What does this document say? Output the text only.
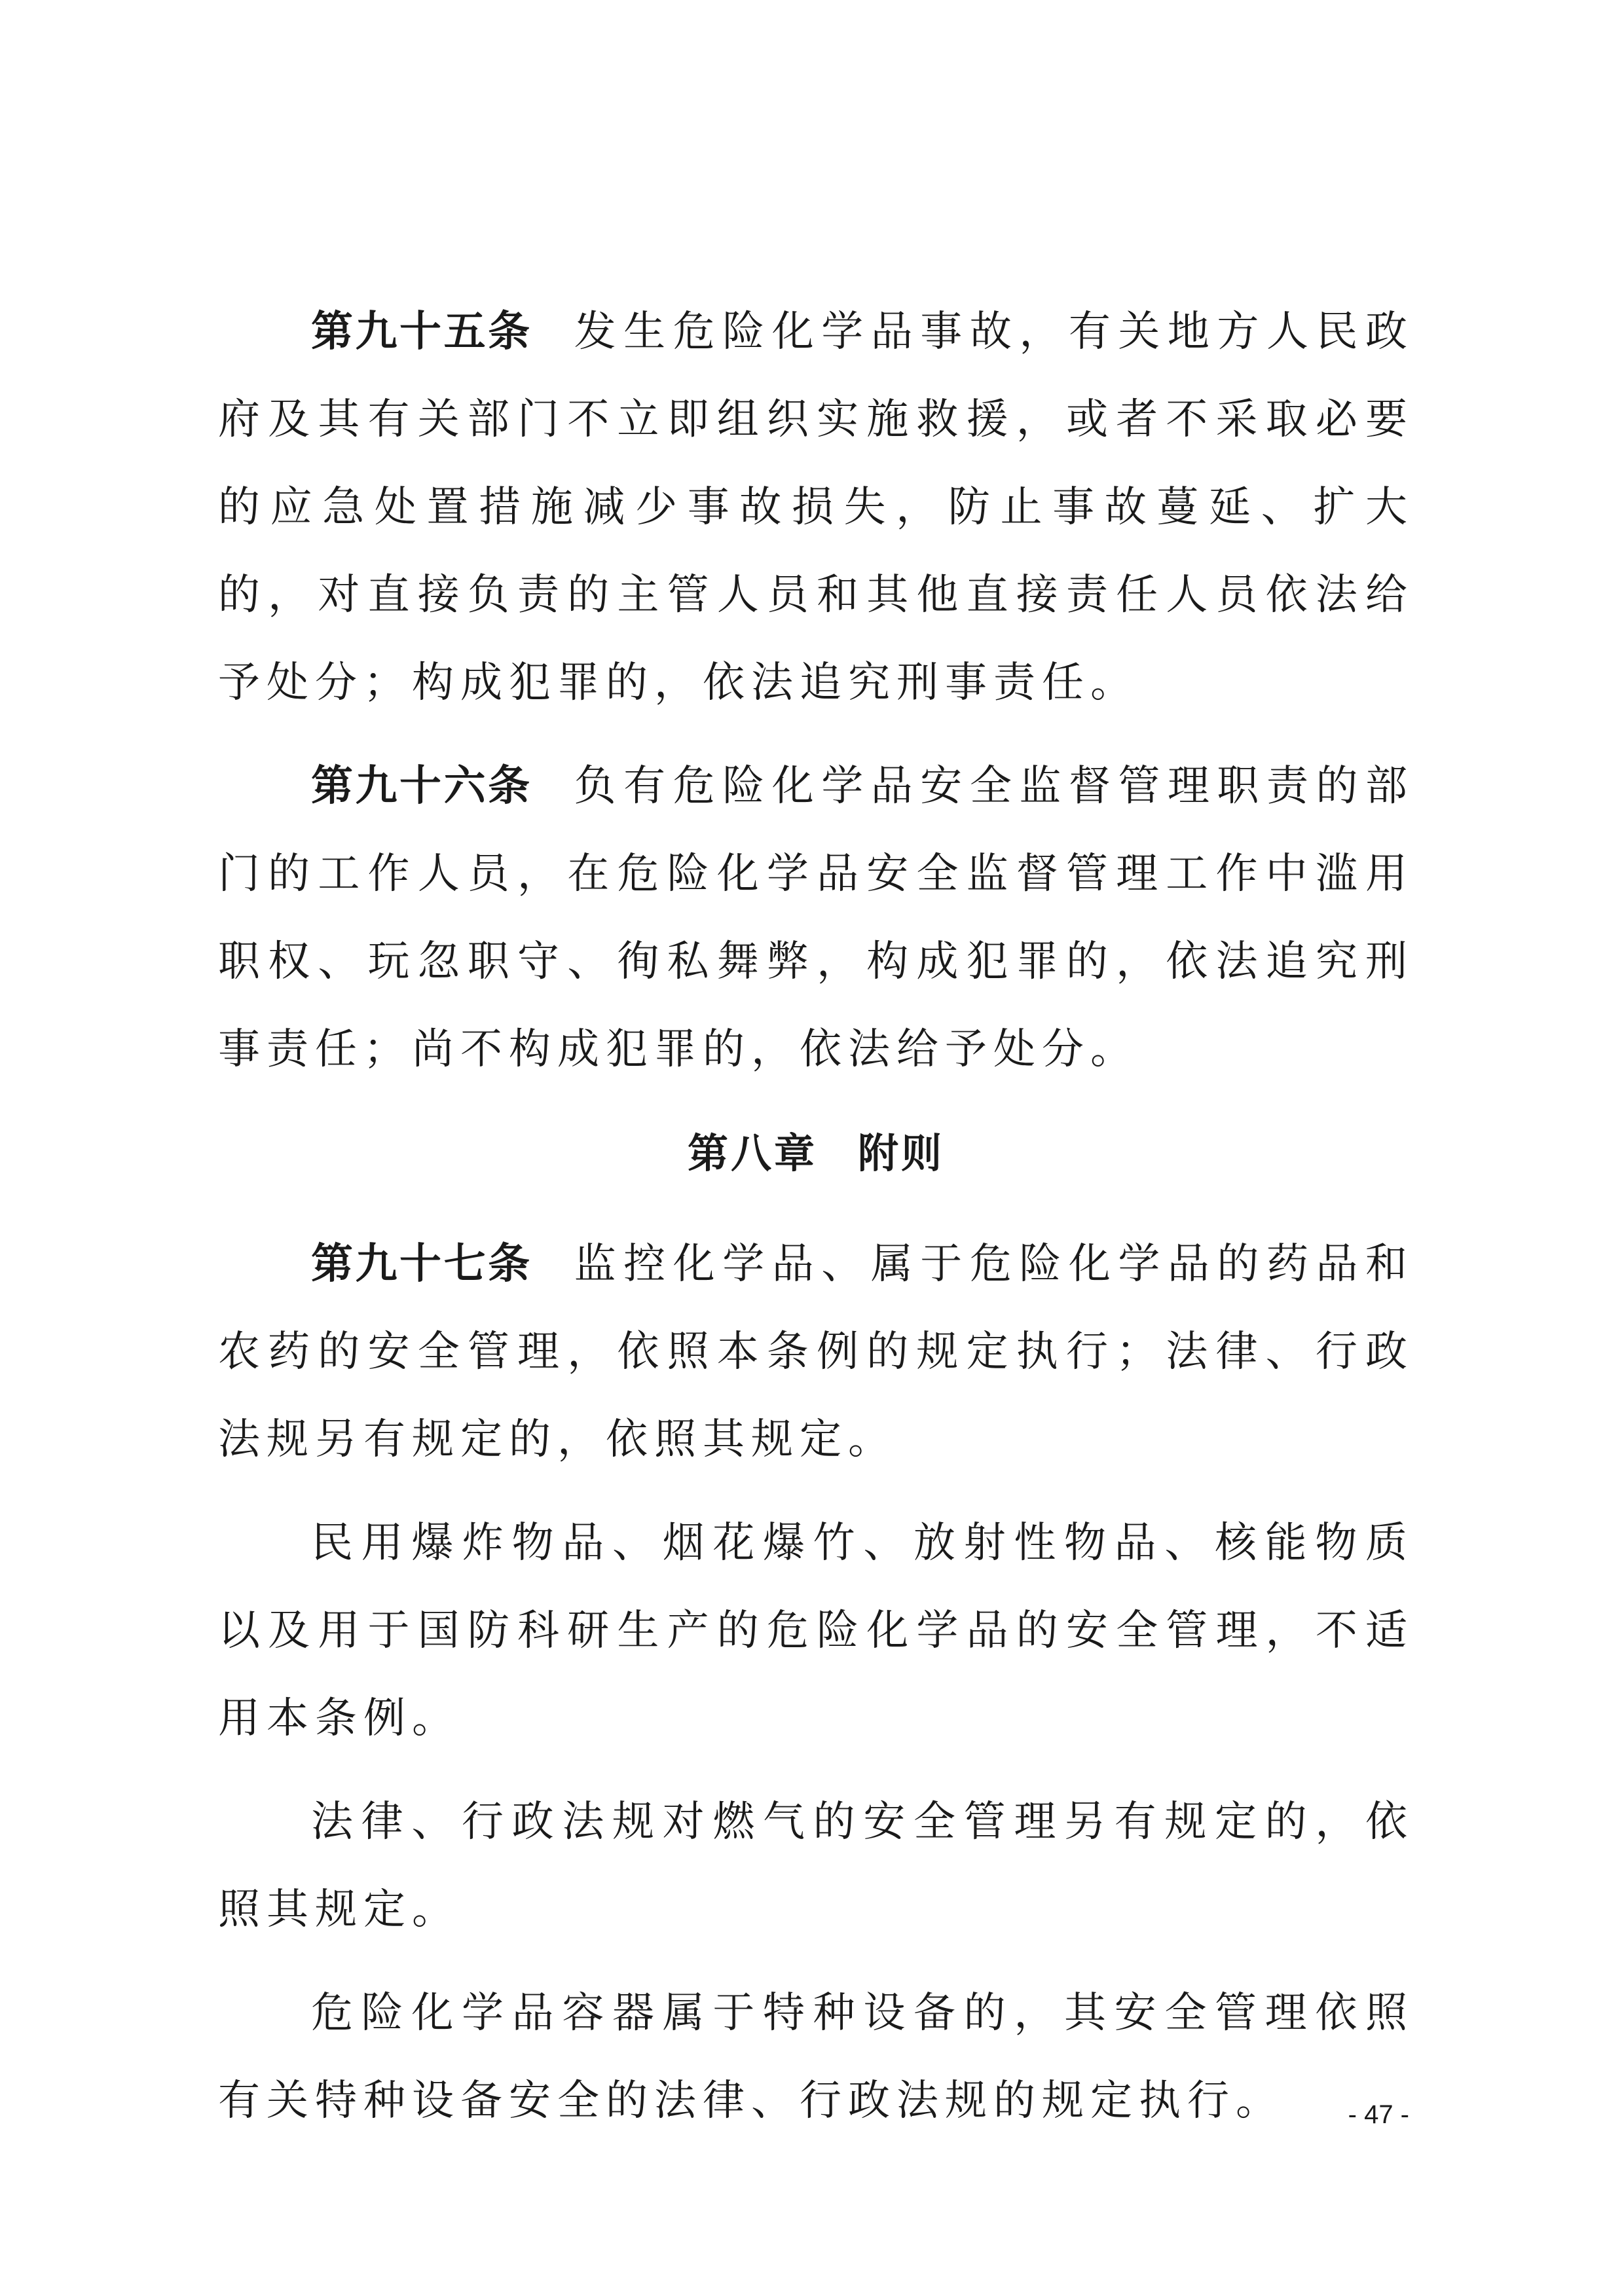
第九十五条 发生危险化学品事故，有关地方人民政府及其有关部门不立即组织实施救援，或者不采取必要的应急处置措施减少事故损失，防止事故蔓延、扩大的，对直接负责的主管人员和其他直接责任人员依法给予处分；构成犯罪的，依法追究刑事责任。

第九十六条 负有危险化学品安全监督管理职责的部门的工作人员，在危险化学品安全监督管理工作中滥用职权、玩忽职守、徇私舞弊，构成犯罪的，依法追究刑事责任；尚不构成犯罪的，依法给予处分。

第八章 附则

第九十七条 监控化学品、属于危险化学品的药品和农药的安全管理，依照本条例的规定执行；法律、行政法规另有规定的，依照其规定。

民用爆炸物品、烟花爆竹、放射性物品、核能物质以及用于国防科研生产的危险化学品的安全管理，不适用本条例。

法律、行政法规对燃气的安全管理另有规定的，依照其规定。

危险化学品容器属于特种设备的，其安全管理依照有关特种设备安全的法律、行政法规的规定执行。	- 47 -
